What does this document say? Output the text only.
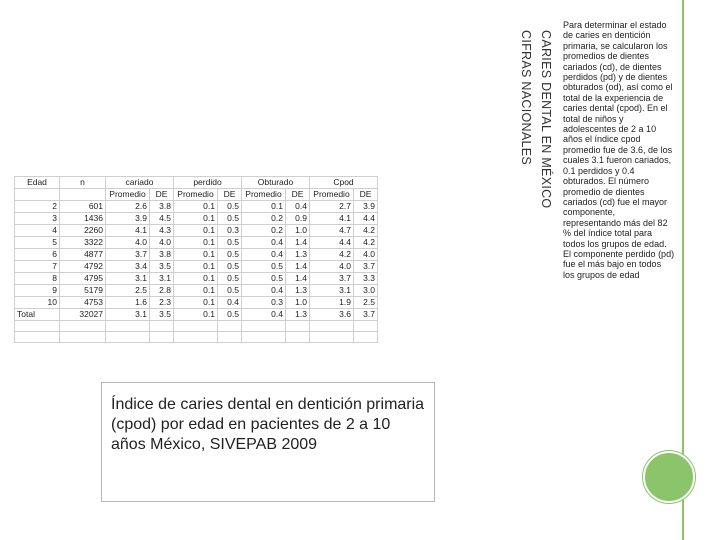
Edad	n	cariado		perdido		Obturado		Cpod	
		Promedio	DE	Promedio	DE	Promedio	DE	Promedio	DE
2	601	2.6	3.8	0.1	0.5	0.1	0.4	2.7	3.9
3	1436	3.9	4.5	0.1	0.5	0.2	0.9	4.1	4.4
4	2260	4.1	4.3	0.1	0.3	0.2	1.0	4.7	4.2
5	3322	4.0	4.0	0.1	0.5	0.4	1.4	4.4	4.2
6	4877	3.7	3.8	0.1	0.5	0.4	1.3	4.2	4.0
7	4792	3.4	3.5	0.1	0.5	0.5	1.4	4.0	3.7
8	4795	3.1	3.1	0.1	0.5	0.5	1.4	3.7	3.3
9	5179	2.5	2.8	0.1	0.5	0.4	1.3	3.1	3.0
10	4753	1.6	2.3	0.1	0.4	0.3	1.0	1.9	2.5
Total	32027	3.1	3.5	0.1	0.5	0.4	1.3	3.6	3.7

Índice de caries dental en dentición primaria (cpod) por edad en pacientes de 2 a 10 años México, SIVEPAB 2009
CARIES DENTAL EN MÉXICO
CIFRAS NACIONALES

Para determinar el estado de caries en dentición primaria, se calcularon los promedios de dientes cariados (cd), de dientes perdidos (pd) y de dientes obturados (od), así como el total de la experiencia de caries dental (cpod). En el total de niños y adolescentes de 2 a 10 años el índice cpod promedio fue de 3.6, de los cuales 3.1 fueron cariados, 0.1 perdidos y 0.4 obturados. El número promedio de dientes cariados (cd) fue el mayor componente, representando más del 82 % del índice total para todos los grupos de edad. El componente perdido (pd) fue el más bajo en todos los grupos de edad
